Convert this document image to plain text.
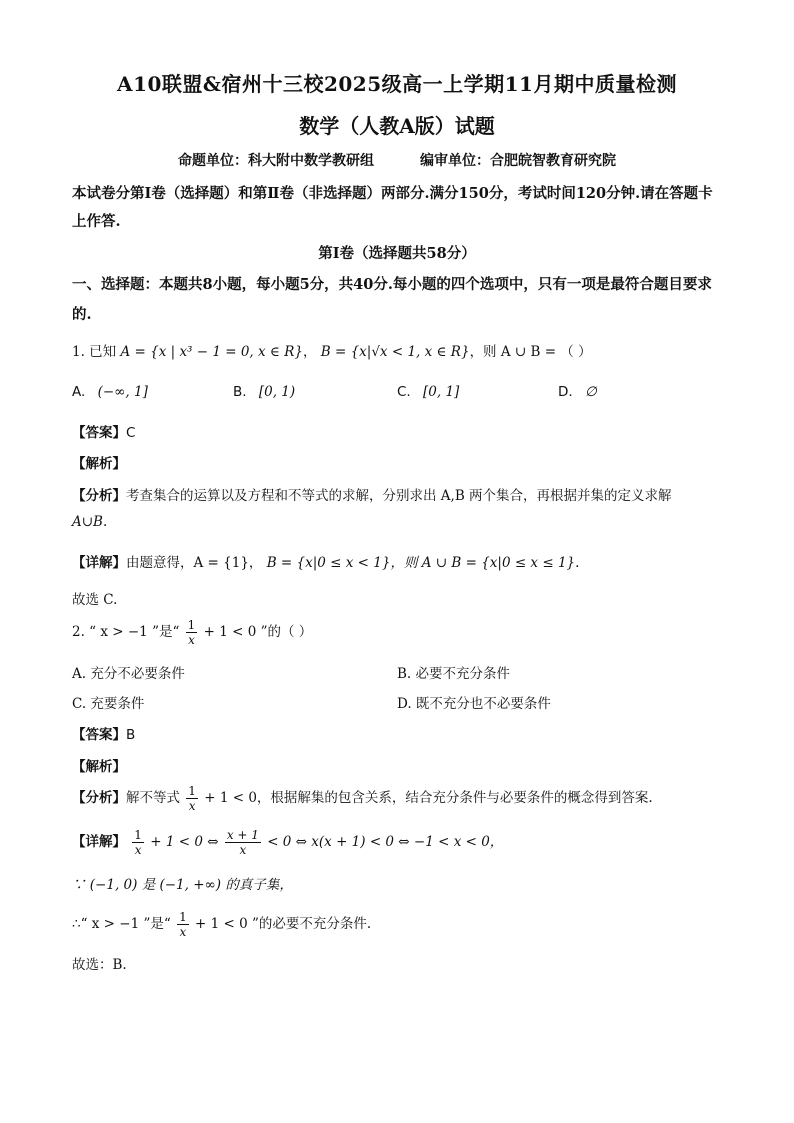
A10联盟&宿州十三校2025级高一上学期11月期中质量检测
数学（人教A版）试题
命题单位：科大附中数学教研组	编审单位：合肥皖智教育研究院
本试卷分第Ⅰ卷（选择题）和第Ⅱ卷（非选择题）两部分.满分150分，考试时间120分钟.请在答题卡上作答.
第Ⅰ卷（选择题共58分）
一、选择题：本题共8小题，每小题5分，共40分.每小题的四个选项中，只有一项是最符合题目要求的.
1. 已知 A = {x | x³ − 1 = 0, x ∈ R}， B = {x|√x < 1, x ∈ R}，则 A ∪ B = （ ）
A. (−∞, 1]	B. [0, 1)	C. [0, 1]	D. ∅
【答案】C
【解析】
【分析】考查集合的运算以及方程和不等式的求解，分别求出 A,B 两个集合，再根据并集的定义求解
A∪B.
【详解】由题意得，A = {1}， B = {x|0 ≤ x < 1}，则 A ∪ B = {x|0 ≤ x ≤ 1}.
故选 C.
2. “ x > −1 ”是“ $\frac{1}{x} + 1 < 0$ ”的（ ）
A. 充分不必要条件	B. 必要不充分条件
C. 充要条件	D. 既不充分也不必要条件
【答案】B
【解析】
【分析】解不等式 $\frac{1}{x} + 1 < 0$，根据解集的包含关系，结合充分条件与必要条件的概念得到答案.
【详解】 $\frac{1}{x} + 1 < 0$ ⇔ $\frac{x + 1}{x} < 0$ ⇔ x(x + 1) < 0 ⇔ −1 < x < 0，
∵ (−1, 0) 是 (−1, +∞) 的真子集，
∴“ x > −1 ”是“ $\frac{1}{x} + 1 < 0$ ”的必要不充分条件.
故选：B.
